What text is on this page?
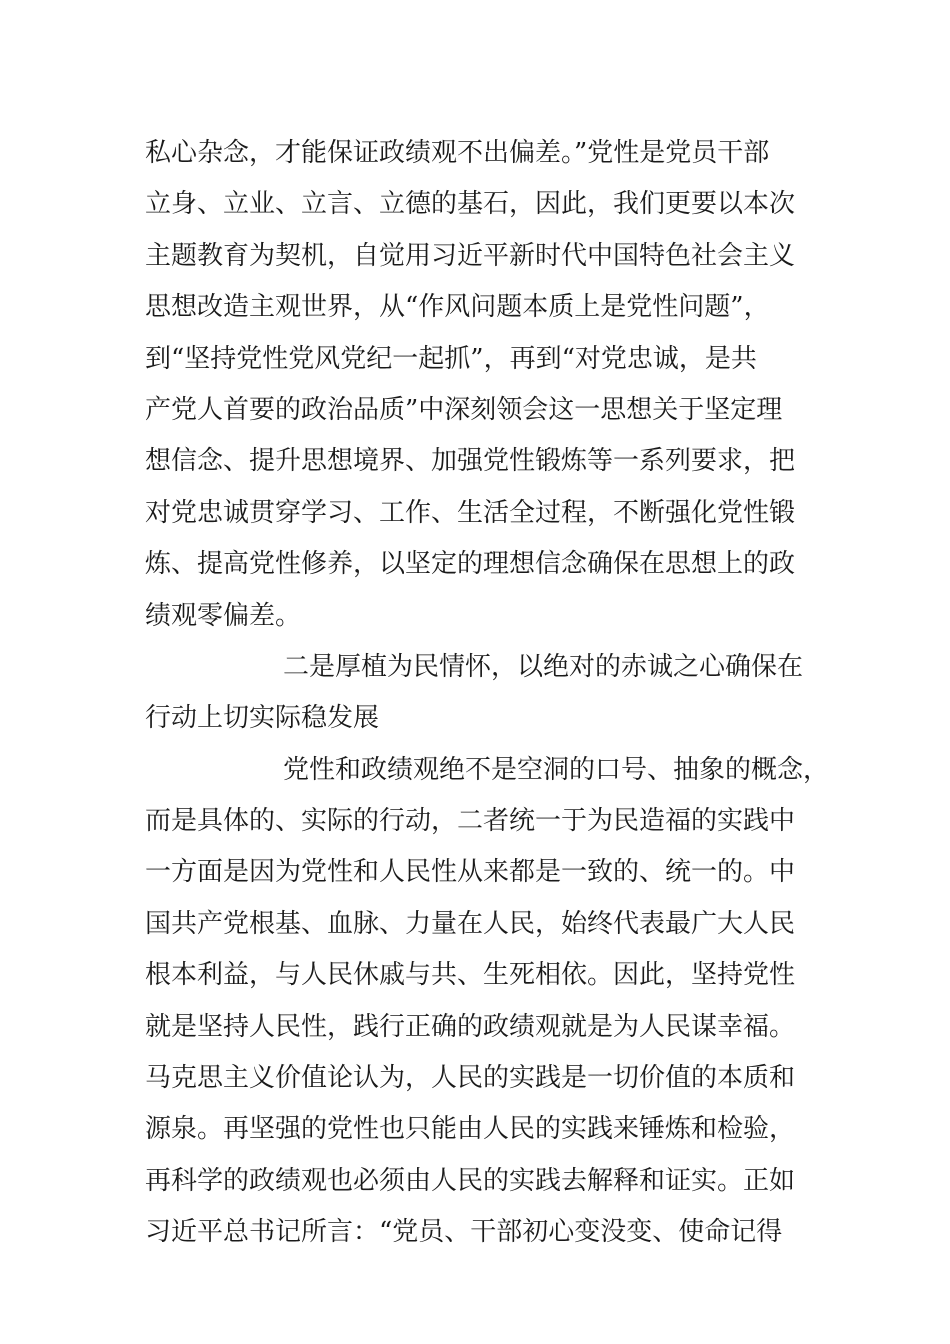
私心杂念，才能保证政绩观不出偏差。”党性是党员干部
立身、立业、立言、立德的基石，因此，我们更要以本次
主题教育为契机，自觉用习近平新时代中国特色社会主义
思想改造主观世界，从“作风问题本质上是党性问题”，
到“坚持党性党风党纪一起抓”，再到“对党忠诚，是共
产党人首要的政治品质”中深刻领会这一思想关于坚定理
想信念、提升思想境界、加强党性锻炼等一系列要求，把
对党忠诚贯穿学习、工作、生活全过程，不断强化党性锻
炼、提高党性修养，以坚定的理想信念确保在思想上的政
绩观零偏差。
二是厚植为民情怀，以绝对的赤诚之心确保在
行动上切实际稳发展
党性和政绩观绝不是空洞的口号、抽象的概念，
而是具体的、实际的行动，二者统一于为民造福的实践中
一方面是因为党性和人民性从来都是一致的、统一的。中
国共产党根基、血脉、力量在人民，始终代表最广大人民
根本利益，与人民休戚与共、生死相依。因此，坚持党性
就是坚持人民性，践行正确的政绩观就是为人民谋幸福。
马克思主义价值论认为，人民的实践是一切价值的本质和
源泉。再坚强的党性也只能由人民的实践来锤炼和检验，
再科学的政绩观也必须由人民的实践去解释和证实。正如
习近平总书记所言：“党员、干部初心变没变、使命记得
